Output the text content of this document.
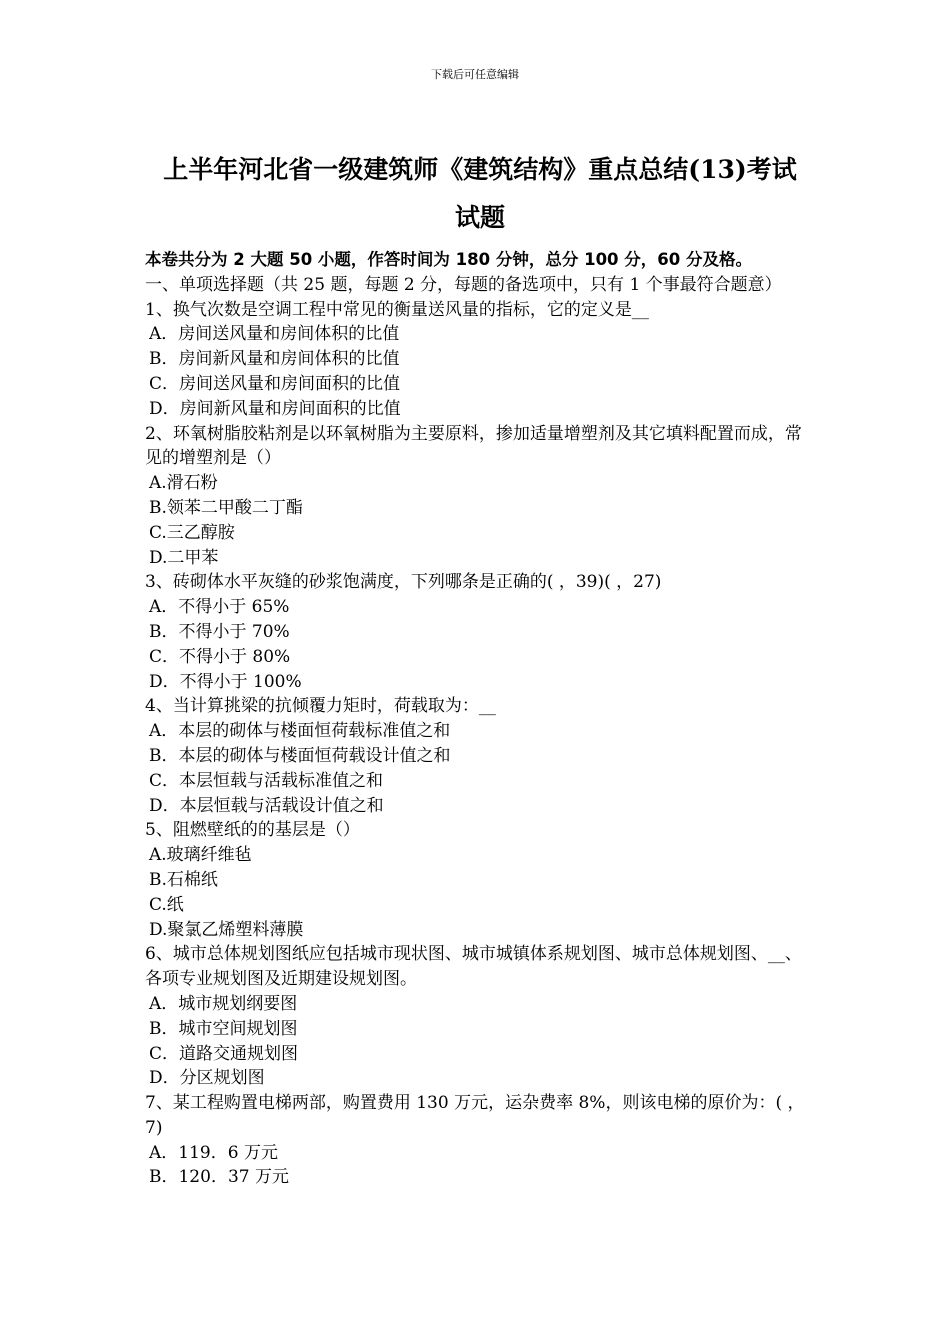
下载后可任意编辑
上半年河北省一级建筑师《建筑结构》重点总结(13)考试
试题
本卷共分为 2 大题 50 小题，作答时间为 180 分钟，总分 100 分，60 分及格。
一、单项选择题（共 25 题，每题 2 分，每题的备选项中，只有 1 个事最符合题意）
1、换气次数是空调工程中常见的衡量送风量的指标，它的定义是__
A．房间送风量和房间体积的比值
B．房间新风量和房间体积的比值
C．房间送风量和房间面积的比值
D．房间新风量和房间面积的比值
2、环氧树脂胶粘剂是以环氧树脂为主要原料，掺加适量增塑剂及其它填料配置而成，常见的增塑剂是（）
A.滑石粉
B.领苯二甲酸二丁酯
C.三乙醇胺
D.二甲苯
3、砖砌体水平灰缝的砂浆饱满度，下列哪条是正确的( ，39)( ，27)
A．不得小于 65%
B．不得小于 70%
C．不得小于 80%
D．不得小于 100%
4、当计算挑梁的抗倾覆力矩时，荷载取为：__
A．本层的砌体与楼面恒荷载标准值之和
B．本层的砌体与楼面恒荷载设计值之和
C．本层恒载与活载标准值之和
D．本层恒载与活载设计值之和
5、阻燃壁纸的的基层是（）
A.玻璃纤维毡
B.石棉纸
C.纸
D.聚氯乙烯塑料薄膜
6、城市总体规划图纸应包括城市现状图、城市城镇体系规划图、城市总体规划图、__、各项专业规划图及近期建设规划图。
A．城市规划纲要图
B．城市空间规划图
C．道路交通规划图
D．分区规划图
7、某工程购置电梯两部，购置费用 130 万元，运杂费率 8%，则该电梯的原价为：( ，7)
A．119．6 万元
B．120．37 万元
